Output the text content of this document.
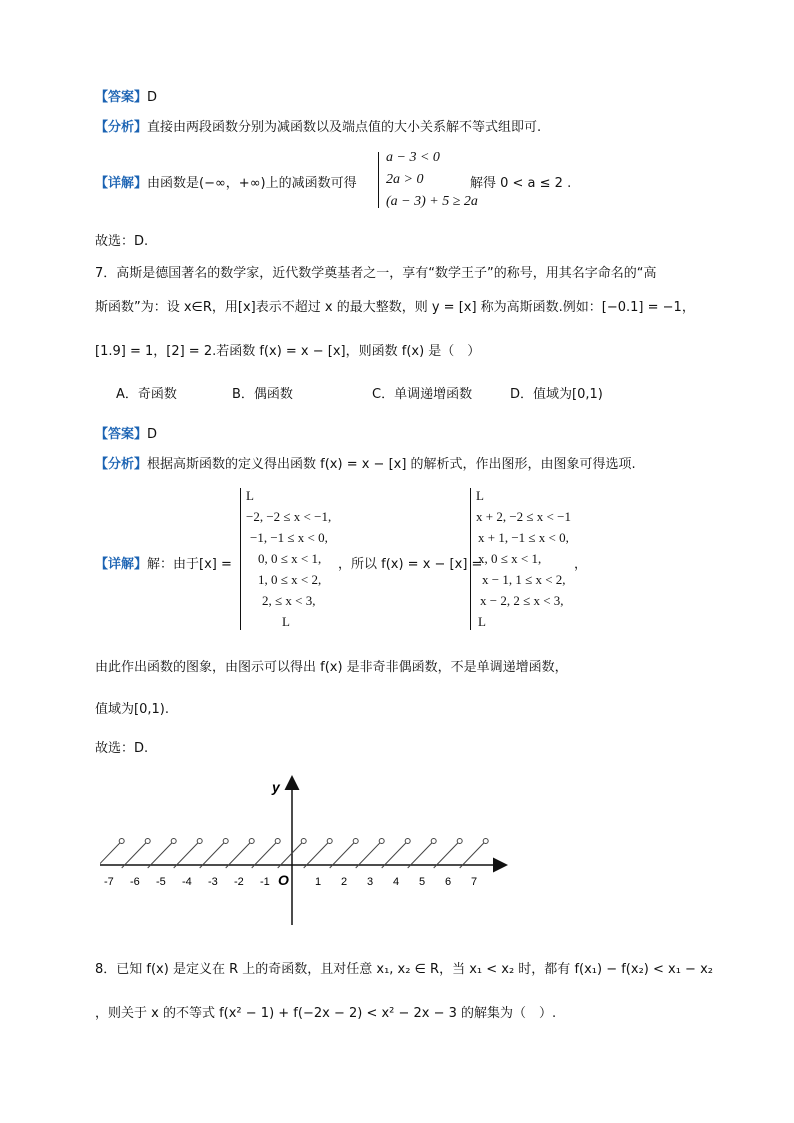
【答案】D
【分析】直接由两段函数分别为减函数以及端点值的大小关系解不等式组即可.
【详解】由函数是(−∞，+∞)上的减函数可得
a − 3 < 0
2a > 0
(a − 3) + 5 ≥ 2a
解得 0 < a ≤ 2 .
故选：D.
7．高斯是德国著名的数学家，近代数学奠基者之一，享有“数学王子”的称号，用其名字命名的“高
斯函数”为：设 x∈R，用[x]表示不超过 x 的最大整数，则 y = [x] 称为高斯函数.例如：[−0.1] = −1，
[1.9] = 1，[2] = 2.若函数 f(x) = x − [x]，则函数 f(x) 是（　）
A．奇函数	B．偶函数	C．单调递增函数	D．值域为[0,1)
【答案】D
【分析】根据高斯函数的定义得出函数 f(x) = x − [x] 的解析式，作出图形，由图象可得选项.
【详解】解：由于[x] =
L
−2, −2 ≤ x < −1,
−1, −1 ≤ x < 0,
0, 0 ≤ x < 1,
1, 0 ≤ x < 2,
2, ≤ x < 3,
L
，所以 f(x) = x − [x] =
L
x + 2, −2 ≤ x < −1
x + 1, −1 ≤ x < 0,
x, 0 ≤ x < 1,
x − 1, 1 ≤ x < 2,
x − 2, 2 ≤ x < 3,
L
，
由此作出函数的图象，由图示可以得出 f(x) 是非奇非偶函数，不是单调递增函数，
值域为[0,1).
故选：D.
y
O
-7 -6 -5 -4 -3 -2 -1	1 2 3 4 5 6 7
8．已知 f(x) 是定义在 R 上的奇函数，且对任意 x₁, x₂ ∈ R，当 x₁ < x₂ 时，都有 f(x₁) − f(x₂) < x₁ − x₂
，则关于 x 的不等式 f(x² − 1) + f(−2x − 2) < x² − 2x − 3 的解集为（　）.
